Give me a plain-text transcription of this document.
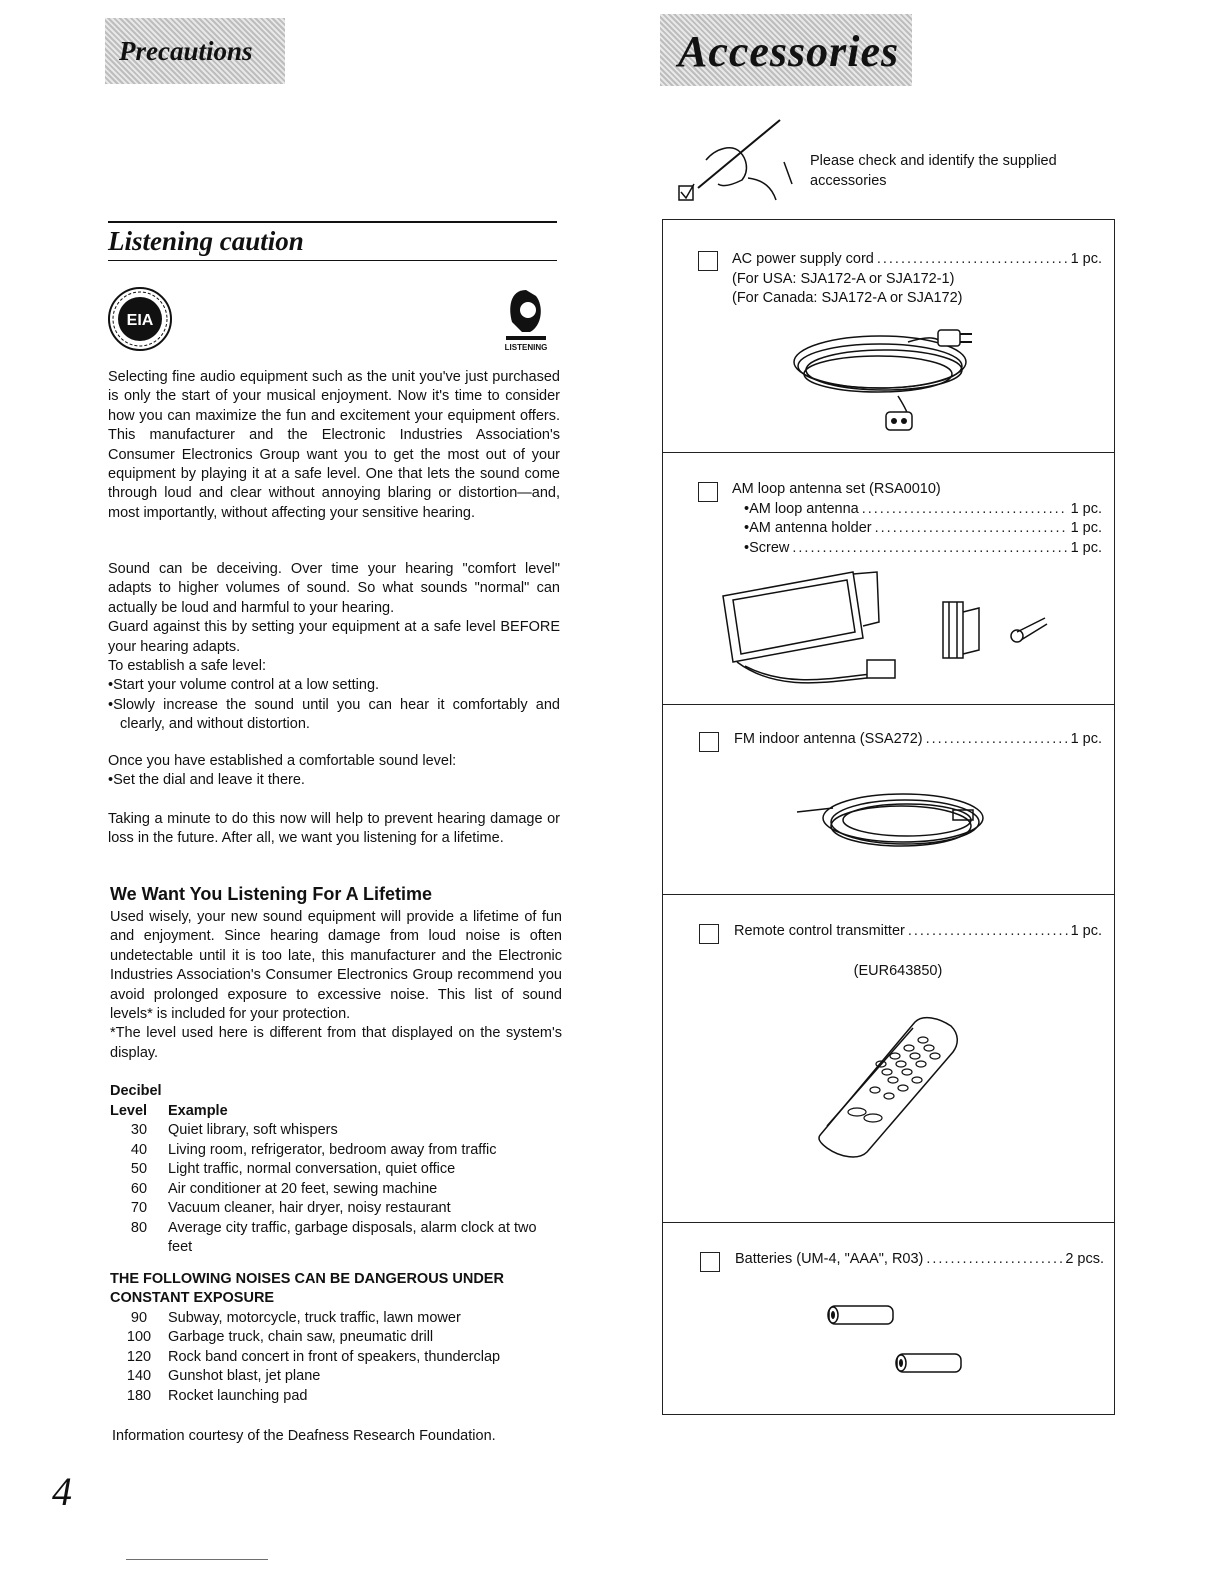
Precautions
Listening caution
EIA
LISTENING
Selecting fine audio equipment such as the unit you've just purchased is only the start of your musical enjoyment. Now it's time to consider how you can maximize the fun and excitement your equipment offers. This manufacturer and the Electronic Industries Association's Consumer Electronics Group want you to get the most out of your equipment by playing it at a safe level. One that lets the sound come through loud and clear without annoying blaring or distortion—and, most importantly, without affecting your sensitive hearing.

Sound can be deceiving. Over time your hearing "comfort level" adapts to higher volumes of sound. So what sounds "normal" can actually be loud and harmful to your hearing.

Guard against this by setting your equipment at a safe level BEFORE your hearing adapts.

To establish a safe level:

• Start your volume control at a low setting.

• Slowly increase the sound until you can hear it comfortably and clearly, and without distortion.

Once you have established a comfortable sound level:

• Set the dial and leave it there.

Taking a minute to do this now will help to prevent hearing damage or loss in the future. After all, we want you listening for a lifetime.
We Want You Listening For A Lifetime

Used wisely, your new sound equipment will provide a lifetime of fun and enjoyment. Since hearing damage from loud noise is often undetectable until it is too late, this manufacturer and the Electronic Industries Association's Consumer Electronics Group recommend you avoid prolonged exposure to excessive noise. This list of sound levels* is included for your protection.

*The level used here is different from that displayed on the system's display.

Decibel
Level	Example
30	Quiet library, soft whispers
40	Living room, refrigerator, bedroom away from traffic
50	Light traffic, normal conversation, quiet office
60	Air conditioner at 20 feet, sewing machine
70	Vacuum cleaner, hair dryer, noisy restaurant
80	Average city traffic, garbage disposals, alarm clock at two feet
THE FOLLOWING NOISES CAN BE DANGEROUS UNDER CONSTANT EXPOSURE
90	Subway, motorcycle, truck traffic, lawn mower
100	Garbage truck, chain saw, pneumatic drill
120	Rock band concert in front of speakers, thunderclap
140	Gunshot blast, jet plane
180	Rocket launching pad
Information courtesy of the Deafness Research Foundation.
4
Accessories
Please check and identify the supplied accessories
AC power supply cord .....	1 pc.
(For USA: SJA172-A or SJA172-1)
(For Canada: SJA172-A or SJA172)
AM loop antenna set (RSA0010)
• AM loop antenna .....	1 pc.
• AM antenna holder .....	1 pc.
• Screw .....	1 pc.
FM indoor antenna (SSA272) .....	1 pc.
Remote control transmitter .....	1 pc.
(EUR643850)
Batteries (UM-4, "AAA", R03) .....	2 pcs.
